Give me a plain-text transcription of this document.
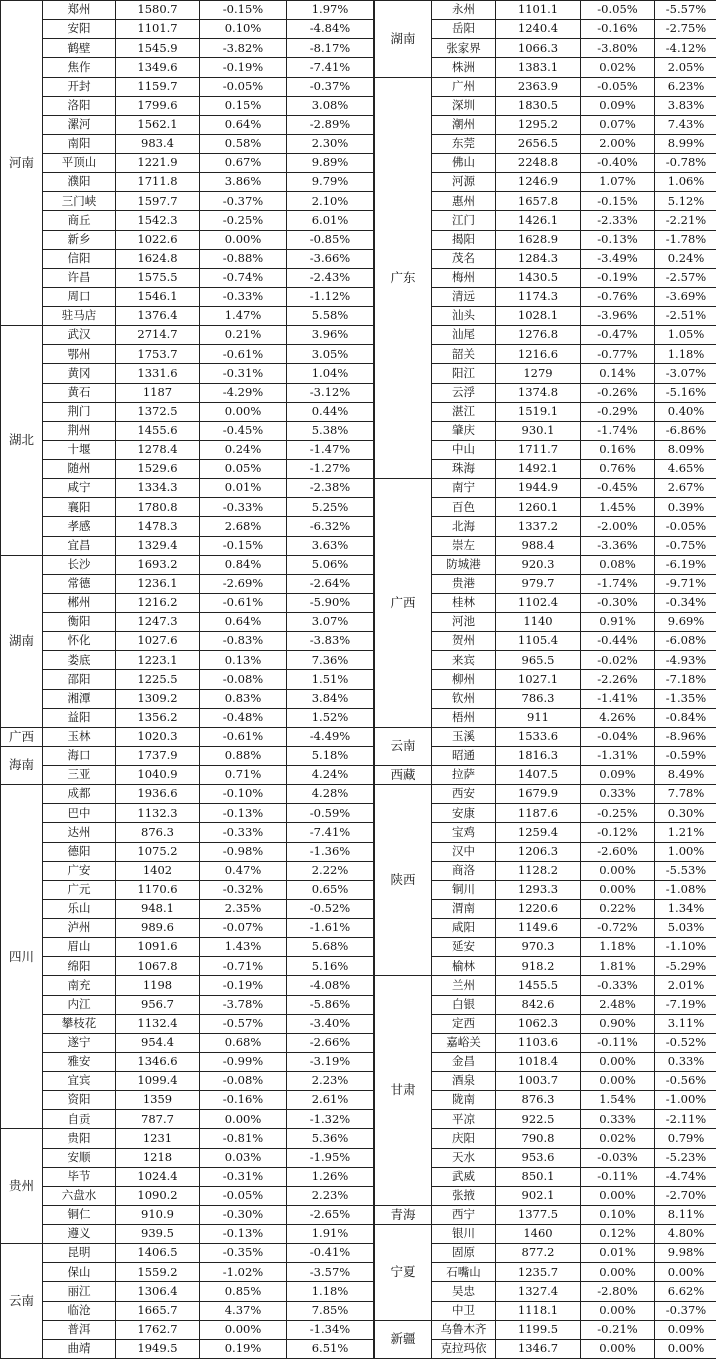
河南	郑州	1580.7	-0.15%	1.97%
	安阳	1101.7	0.10%	-4.84%
	鹤壁	1545.9	-3.82%	-8.17%
	焦作	1349.6	-0.19%	-7.41%
	开封	1159.7	-0.05%	-0.37%
	洛阳	1799.6	0.15%	3.08%
	漯河	1562.1	0.64%	-2.89%
	南阳	983.4	0.58%	2.30%
	平顶山	1221.9	0.67%	9.89%
	濮阳	1711.8	3.86%	9.79%
	三门峡	1597.7	-0.37%	2.10%
	商丘	1542.3	-0.25%	6.01%
	新乡	1022.6	0.00%	-0.85%
	信阳	1624.8	-0.88%	-3.66%
	许昌	1575.5	-0.74%	-2.43%
	周口	1546.1	-0.33%	-1.12%
	驻马店	1376.4	1.47%	5.58%
湖北	武汉	2714.7	0.21%	3.96%
	鄂州	1753.7	-0.61%	3.05%
	黄冈	1331.6	-0.31%	1.04%
	黄石	1187	-4.29%	-3.12%
	荆门	1372.5	0.00%	0.44%
	荆州	1455.6	-0.45%	5.38%
	十堰	1278.4	0.24%	-1.47%
	随州	1529.6	0.05%	-1.27%
	咸宁	1334.3	0.01%	-2.38%
	襄阳	1780.8	-0.33%	5.25%
	孝感	1478.3	2.68%	-6.32%
	宜昌	1329.4	-0.15%	3.63%
湖南	长沙	1693.2	0.84%	5.06%
	常德	1236.1	-2.69%	-2.64%
	郴州	1216.2	-0.61%	-5.90%
	衡阳	1247.3	0.64%	3.07%
	怀化	1027.6	-0.83%	-3.83%
	娄底	1223.1	0.13%	7.36%
	邵阳	1225.5	-0.08%	1.51%
	湘潭	1309.2	0.83%	3.84%
	益阳	1356.2	-0.48%	1.52%
广西	玉林	1020.3	-0.61%	-4.49%
海南	海口	1737.9	0.88%	5.18%
	三亚	1040.9	0.71%	4.24%
四川	成都	1936.6	-0.10%	4.28%
	巴中	1132.3	-0.13%	-0.59%
	达州	876.3	-0.33%	-7.41%
	德阳	1075.2	-0.98%	-1.36%
	广安	1402	0.47%	2.22%
	广元	1170.6	-0.32%	0.65%
	乐山	948.1	2.35%	-0.52%
	泸州	989.6	-0.07%	-1.61%
	眉山	1091.6	1.43%	5.68%
	绵阳	1067.8	-0.71%	5.16%
	南充	1198	-0.19%	-4.08%
	内江	956.7	-3.78%	-5.86%
	攀枝花	1132.4	-0.57%	-3.40%
	遂宁	954.4	0.68%	-2.66%
	雅安	1346.6	-0.99%	-3.19%
	宜宾	1099.4	-0.08%	2.23%
	资阳	1359	-0.16%	2.61%
	自贡	787.7	0.00%	-1.32%
贵州	贵阳	1231	-0.81%	5.36%
	安顺	1218	0.03%	-1.95%
	毕节	1024.4	-0.31%	1.26%
	六盘水	1090.2	-0.05%	2.23%
	铜仁	910.9	-0.30%	-2.65%
	遵义	939.5	-0.13%	1.91%
云南	昆明	1406.5	-0.35%	-0.41%
	保山	1559.2	-1.02%	-3.57%
	丽江	1306.4	0.85%	1.18%
	临沧	1665.7	4.37%	7.85%
	普洱	1762.7	0.00%	-1.34%
	曲靖	1949.5	0.19%	6.51%
湖南	永州	1101.1	-0.05%	-5.57%
	岳阳	1240.4	-0.16%	-2.75%
	张家界	1066.3	-3.80%	-4.12%
	株洲	1383.1	0.02%	2.05%
广东	广州	2363.9	-0.05%	6.23%
	深圳	1830.5	0.09%	3.83%
	潮州	1295.2	0.07%	7.43%
	东莞	2656.5	2.00%	8.99%
	佛山	2248.8	-0.40%	-0.78%
	河源	1246.9	1.07%	1.06%
	惠州	1657.8	-0.15%	5.12%
	江门	1426.1	-2.33%	-2.21%
	揭阳	1628.9	-0.13%	-1.78%
	茂名	1284.3	-3.49%	0.24%
	梅州	1430.5	-0.19%	-2.57%
	清远	1174.3	-0.76%	-3.69%
	汕头	1028.1	-3.96%	-2.51%
	汕尾	1276.8	-0.47%	1.05%
	韶关	1216.6	-0.77%	1.18%
	阳江	1279	0.14%	-3.07%
	云浮	1374.8	-0.26%	-5.16%
	湛江	1519.1	-0.29%	0.40%
	肇庆	930.1	-1.74%	-6.86%
	中山	1711.7	0.16%	8.09%
	珠海	1492.1	0.76%	4.65%
广西	南宁	1944.9	-0.45%	2.67%
	百色	1260.1	1.45%	0.39%
	北海	1337.2	-2.00%	-0.05%
	崇左	988.4	-3.36%	-0.75%
	防城港	920.3	0.08%	-6.19%
	贵港	979.7	-1.74%	-9.71%
	桂林	1102.4	-0.30%	-0.34%
	河池	1140	0.91%	9.69%
	贺州	1105.4	-0.44%	-6.08%
	来宾	965.5	-0.02%	-4.93%
	柳州	1027.1	-2.26%	-7.18%
	钦州	786.3	-1.41%	-1.35%
	梧州	911	4.26%	-0.84%
云南	玉溪	1533.6	-0.04%	-8.96%
	昭通	1816.3	-1.31%	-0.59%
西藏	拉萨	1407.5	0.09%	8.49%
陕西	西安	1679.9	0.33%	7.78%
	安康	1187.6	-0.25%	0.30%
	宝鸡	1259.4	-0.12%	1.21%
	汉中	1206.3	-2.60%	1.00%
	商洛	1128.2	0.00%	-5.53%
	铜川	1293.3	0.00%	-1.08%
	渭南	1220.6	0.22%	1.34%
	咸阳	1149.6	-0.72%	5.03%
	延安	970.3	1.18%	-1.10%
	榆林	918.2	1.81%	-5.29%
甘肃	兰州	1455.5	-0.33%	2.01%
	白银	842.6	2.48%	-7.19%
	定西	1062.3	0.90%	3.11%
	嘉峪关	1103.6	-0.11%	-0.52%
	金昌	1018.4	0.00%	0.33%
	酒泉	1003.7	0.00%	-0.56%
	陇南	876.3	1.54%	-1.00%
	平凉	922.5	0.33%	-2.11%
	庆阳	790.8	0.02%	0.79%
	天水	953.6	-0.03%	-5.23%
	武威	850.1	-0.11%	-4.74%
	张掖	902.1	0.00%	-2.70%
青海	西宁	1377.5	0.10%	8.11%
宁夏	银川	1460	0.12%	4.80%
	固原	877.2	0.01%	9.98%
	石嘴山	1235.7	0.00%	0.00%
	吴忠	1327.4	-2.80%	6.62%
	中卫	1118.1	0.00%	-0.37%
新疆	乌鲁木齐	1199.5	-0.21%	0.09%
	克拉玛依	1346.7	0.00%	0.00%
